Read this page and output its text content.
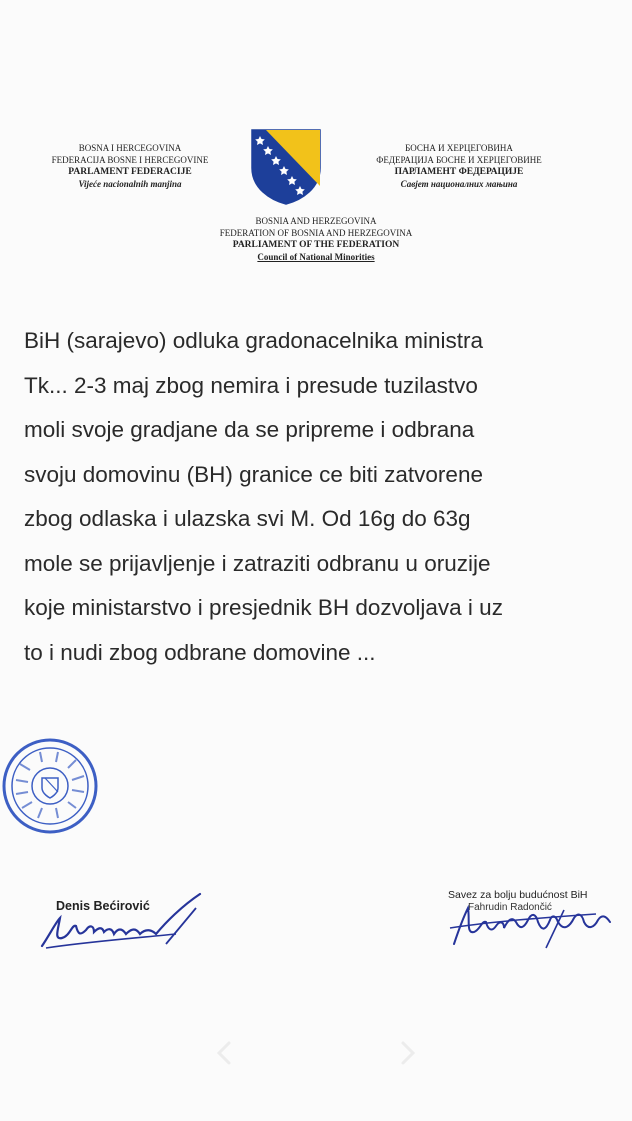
BOSNA I HERCEGOVINA
FEDERACIJA BOSNE I HERCEGOVINE
PARLAMENT FEDERACIJE
Vijeće nacionalnih manjina
БОСНА И ХЕРЦЕГОВИНА
ФЕДЕРАЦИЈА БОСНЕ И ХЕРЦЕГОВИНЕ
ПАРЛАМЕНТ ФЕДЕРАЦИЈЕ
Савјет националних мањина
BOSNIA AND HERZEGOVINA
FEDERATION OF BOSNIA AND HERZEGOVINA
PARLIAMENT OF THE FEDERATION
Council of National Minorities
BiH (sarajevo) odluka gradonacelnika ministra
Tk... 2-3 maj zbog nemira i presude tuzilastvo
moli svoje gradjane da se pripreme i odbrana
svoju domovinu (BH) granice ce biti zatvorene
zbog odlaska i ulazska svi M. Od 16g do 63g
mole se prijavljenje i zatraziti odbranu u oruzije
koje ministarstvo i presjednik BH dozvoljava i uz
to i nudi zbog odbrane domovine ...
Denis Bećirović
Savez za bolju budućnost BiH
Fahrudin Radončić
